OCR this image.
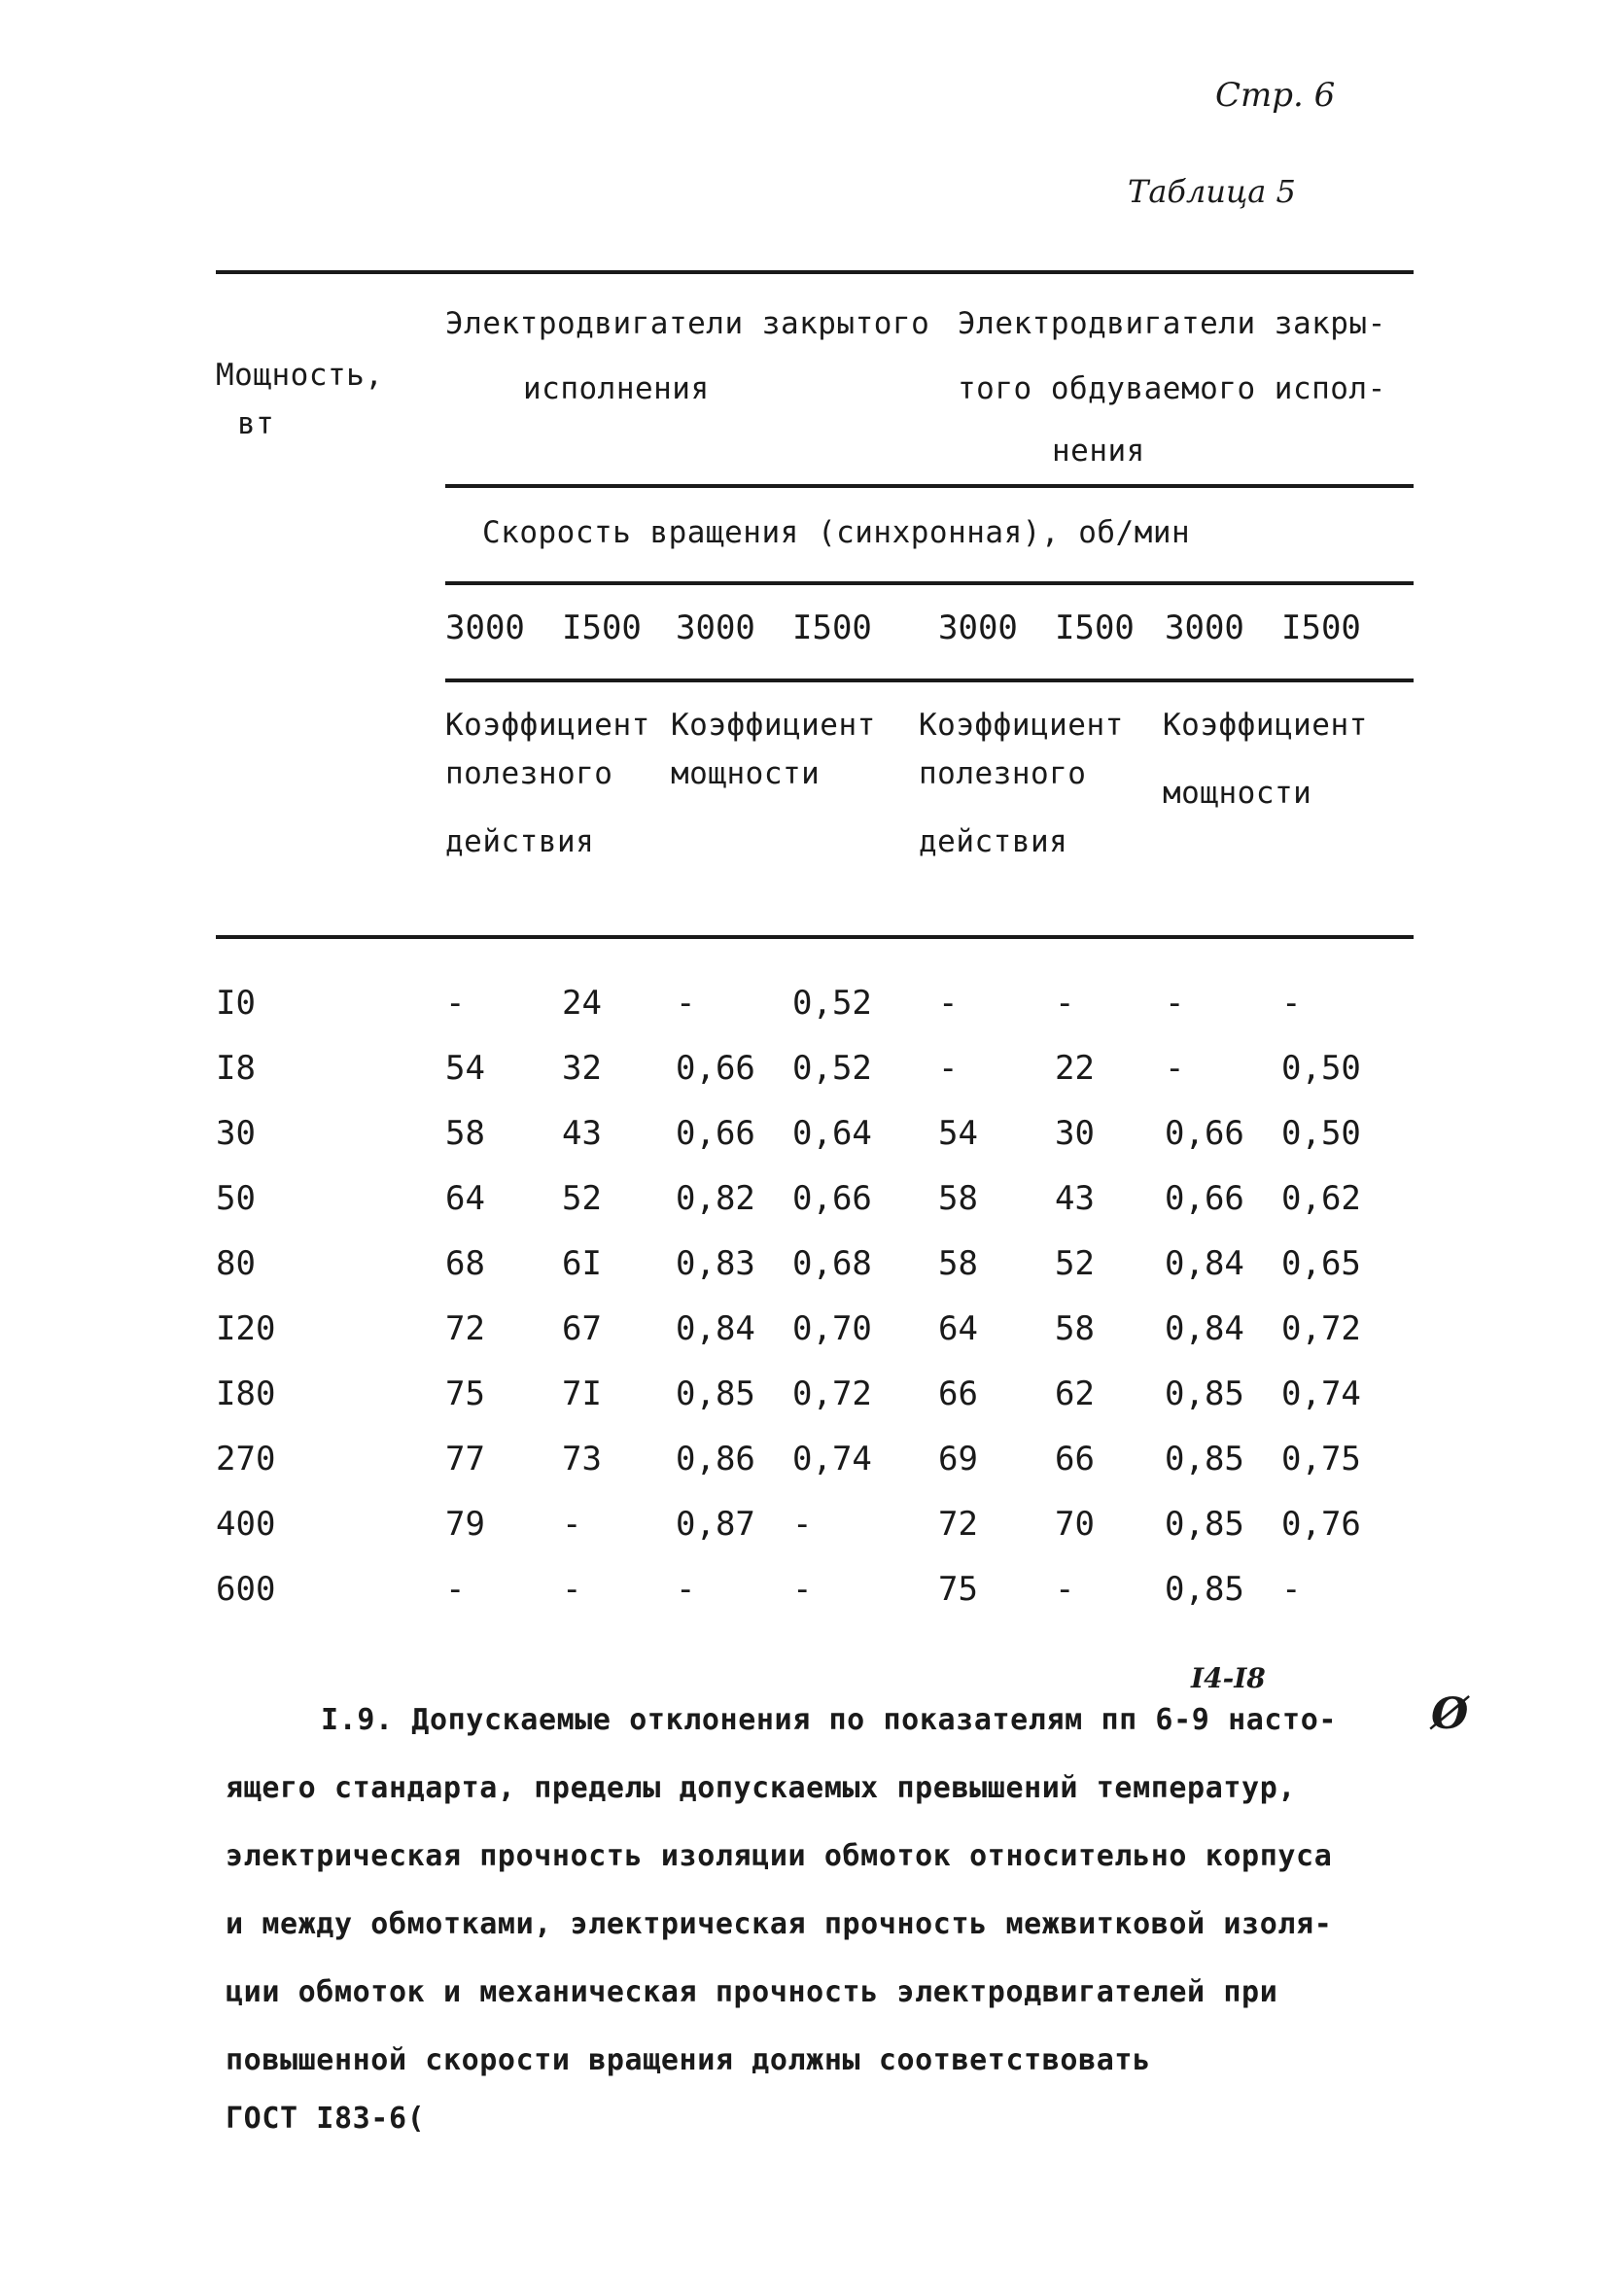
Стр. 6
Таблица 5
Мощность,
вт
Электродвигатели закрытого
исполнения
Электродвигатели закры-
того обдуваемого испол-
нения
Скорость вращения (синхронная), об/мин
3000 I500 3000 I500 3000 I500 3000 I500
Коэффициент
полезного
действия
Коэффициент
мощности
Коэффициент
полезного
действия
Коэффициент
мощности
I0	-	24 -	0,52 -	-	-	-
I8	54 32 0,66 0,52 -	22 -	0,50
30	58 43 0,66 0,64 54 30 0,66 0,50
50	64 52 0,82 0,66 58 43 0,66 0,62
80	68 6I 0,83 0,68 58 52 0,84 0,65
I20	72 67 0,84 0,70 64 58 0,84 0,72
I80	75 7I 0,85 0,72 66 62 0,85 0,74
270	77 73 0,86 0,74 69 66 0,85 0,75
400	79 -	0,87 -	72 70 0,85 0,76
600	-	-	-	-	75 -	0,85 -
I4-I8
Ø
I.9. Допускаемые отклонения по показателям пп 6-9 насто-
ящего стандарта, пределы допускаемых превышений температур,
электрическая прочность изоляции обмоток относительно корпуса
и между обмотками, электрическая прочность межвитковой изоля-
ции обмоток и механическая прочность электродвигателей при
повышенной скорости вращения должны соответствовать
ГОСТ I83-6(
